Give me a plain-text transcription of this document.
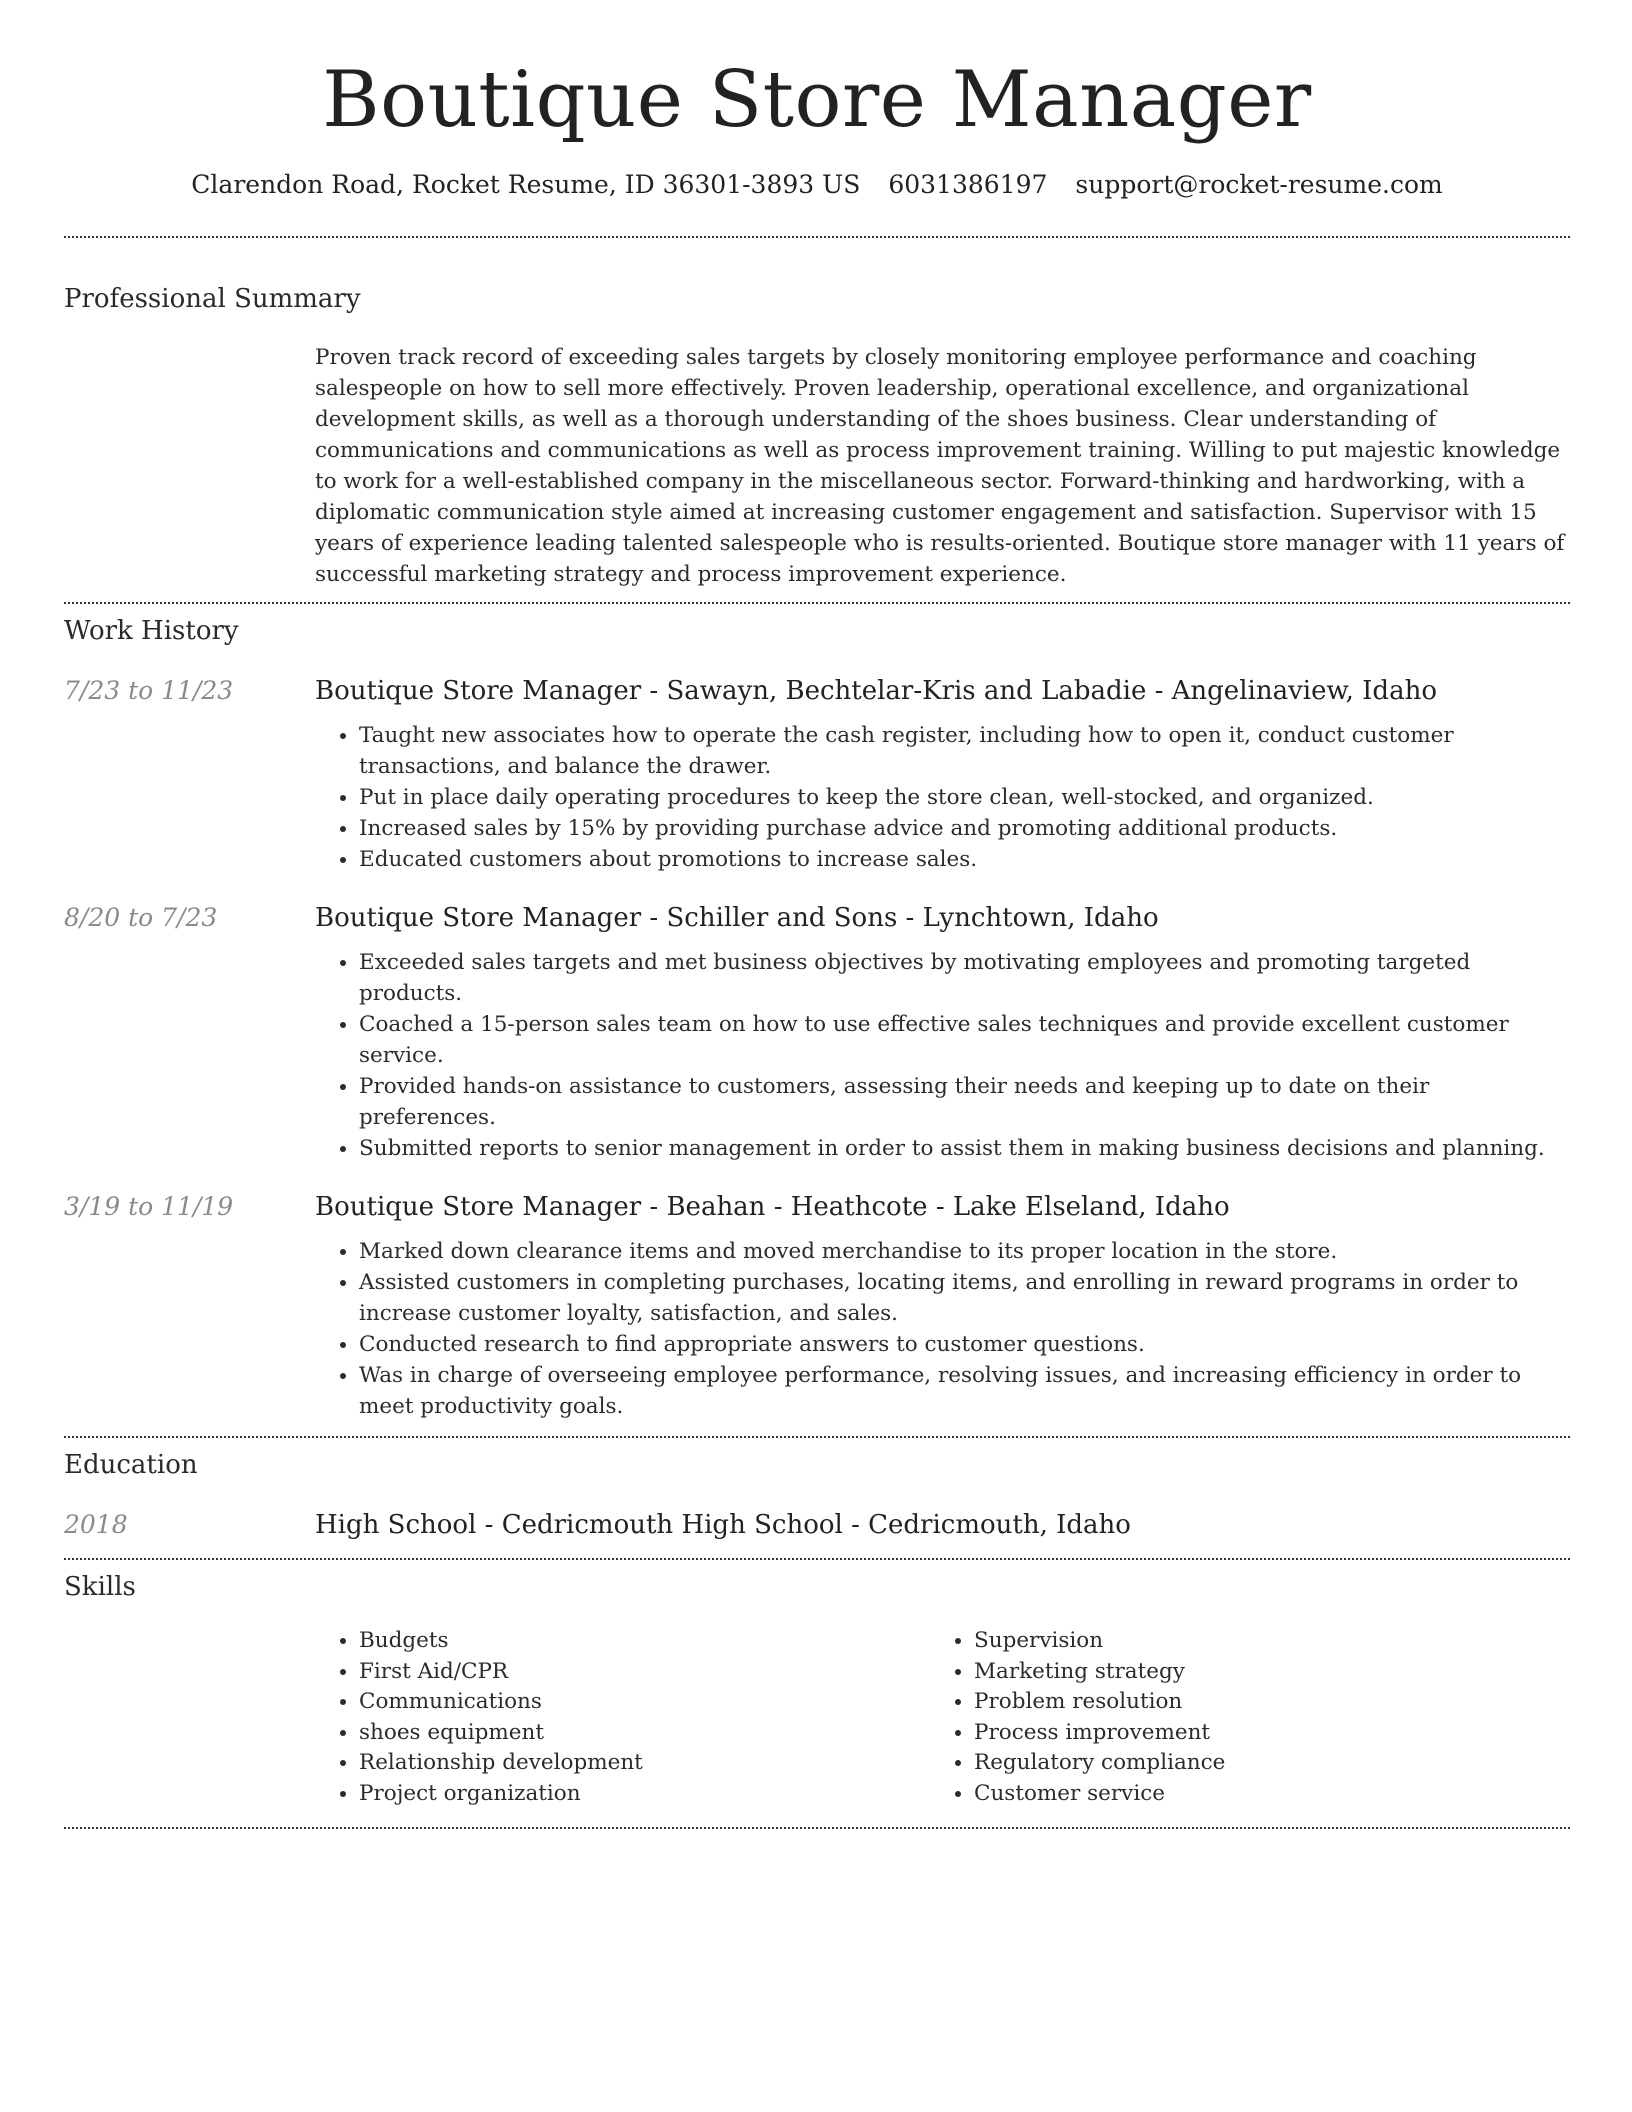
Boutique Store Manager
Clarendon Road, Rocket Resume, ID 36301-3893 US 6031386197 support@rocket-resume.com
Professional Summary

Proven track record of exceeding sales targets by closely monitoring employee performance and coaching salespeople on how to sell more effectively. Proven leadership, operational excellence, and organizational development skills, as well as a thorough understanding of the shoes business. Clear understanding of communications and communications as well as process improvement training. Willing to put majestic knowledge to work for a well-established company in the miscellaneous sector. Forward-thinking and hardworking, with a diplomatic communication style aimed at increasing customer engagement and satisfaction. Supervisor with 15 years of experience leading talented salespeople who is results-oriented. Boutique store manager with 11 years of successful marketing strategy and process improvement experience.

Work History
7/23 to 11/23	Boutique Store Manager - Sawayn, Bechtelar-Kris and Labadie - Angelinaview, Idaho
• Taught new associates how to operate the cash register, including how to open it, conduct customer transactions, and balance the drawer.
• Put in place daily operating procedures to keep the store clean, well-stocked, and organized.
• Increased sales by 15% by providing purchase advice and promoting additional products.
• Educated customers about promotions to increase sales.
8/20 to 7/23	Boutique Store Manager - Schiller and Sons - Lynchtown, Idaho
• Exceeded sales targets and met business objectives by motivating employees and promoting targeted products.
• Coached a 15-person sales team on how to use effective sales techniques and provide excellent customer service.
• Provided hands-on assistance to customers, assessing their needs and keeping up to date on their preferences.
• Submitted reports to senior management in order to assist them in making business decisions and planning.
3/19 to 11/19	Boutique Store Manager - Beahan - Heathcote - Lake Elseland, Idaho
• Marked down clearance items and moved merchandise to its proper location in the store.
• Assisted customers in completing purchases, locating items, and enrolling in reward programs in order to increase customer loyalty, satisfaction, and sales.
• Conducted research to find appropriate answers to customer questions.
• Was in charge of overseeing employee performance, resolving issues, and increasing efficiency in order to meet productivity goals.
Education
2018	High School - Cedricmouth High School - Cedricmouth, Idaho
Skills
• Budgets
• First Aid/CPR
• Communications
• shoes equipment
• Relationship development
• Project organization
• Supervision
• Marketing strategy
• Problem resolution
• Process improvement
• Regulatory compliance
• Customer service
